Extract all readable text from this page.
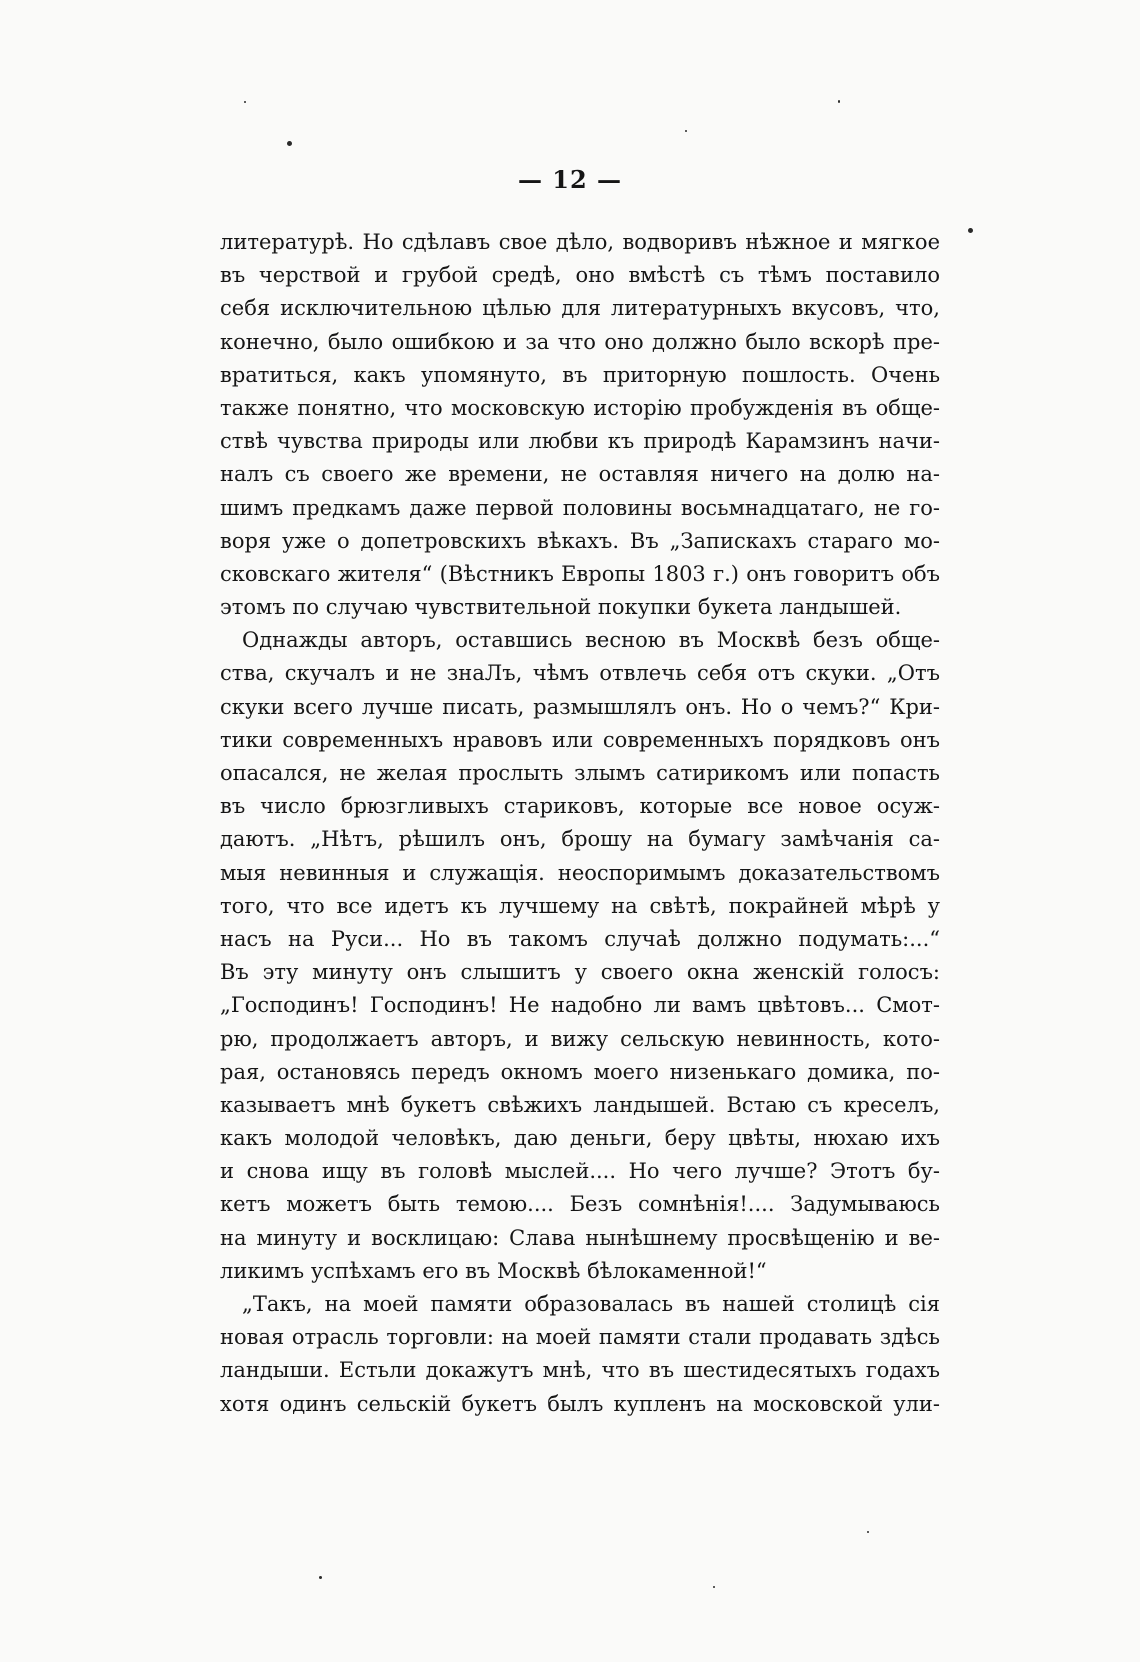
— 12 —
литературѣ. Но сдѣлавъ свое дѣло, водворивъ нѣжное и мягкое
въ черствой и грубой средѣ, оно вмѣстѣ съ тѣмъ поставило
себя исключительною цѣлью для литературныхъ вкусовъ, что,
конечно, было ошибкою и за что оно должно было вскорѣ пре-
вратиться, какъ упомянуто, въ приторную пошлость. Очень
также понятно, что московскую исторію пробужденія въ обще-
ствѣ чувства природы или любви къ природѣ Карамзинъ начи-
налъ съ своего же времени, не оставляя ничего на долю на-
шимъ предкамъ даже первой половины восьмнадцатаго, не го-
воря уже о допетровскихъ вѣкахъ. Въ „Запискахъ стараго мо-
сковскаго жителя“ (Вѣстникъ Европы 1803 г.) онъ говоритъ объ
этомъ по случаю чувствительной покупки букета ландышей.
Однажды авторъ, оставшись весною въ Москвѣ безъ обще-
ства, скучалъ и не знаЛъ, чѣмъ отвлечь себя отъ скуки. „Отъ
скуки всего лучше писать, размышлялъ онъ. Но о чемъ?“ Кри-
тики современныхъ нравовъ или современныхъ порядковъ онъ
опасался, не желая прослыть злымъ сатирикомъ или попасть
въ число брюзгливыхъ стариковъ, которые все новое осуж-
даютъ. „Нѣтъ, рѣшилъ онъ, брошу на бумагу замѣчанія са-
мыя невинныя и служащія. неоспоримымъ доказательствомъ
того, что все идетъ къ лучшему на свѣтѣ, покрайней мѣрѣ у
насъ на Руси... Но въ такомъ случаѣ должно подумать:...“
Въ эту минуту онъ слышитъ у своего окна женскій голосъ:
„Господинъ! Господинъ! Не надобно ли вамъ цвѣтовъ... Смот-
рю, продолжаетъ авторъ, и вижу сельскую невинность, кото-
рая, остановясь передъ окномъ моего низенькаго домика, по-
казываетъ мнѣ букетъ свѣжихъ ландышей. Встаю съ креселъ,
какъ молодой человѣкъ, даю деньги, беру цвѣты, нюхаю ихъ
и снова ищу въ головѣ мыслей.... Но чего лучше? Этотъ бу-
кетъ можетъ быть темою.... Безъ сомнѣнія!.... Задумываюсь
на минуту и восклицаю: Слава нынѣшнему просвѣщенію и ве-
ликимъ успѣхамъ его въ Москвѣ бѣлокаменной!“
„Такъ, на моей памяти образовалась въ нашей столицѣ сія
новая отрасль торговли: на моей памяти стали продавать здѣсь
ландыши. Естьли докажутъ мнѣ, что въ шестидесятыхъ годахъ
хотя одинъ сельскій букетъ былъ купленъ на московской ули-
